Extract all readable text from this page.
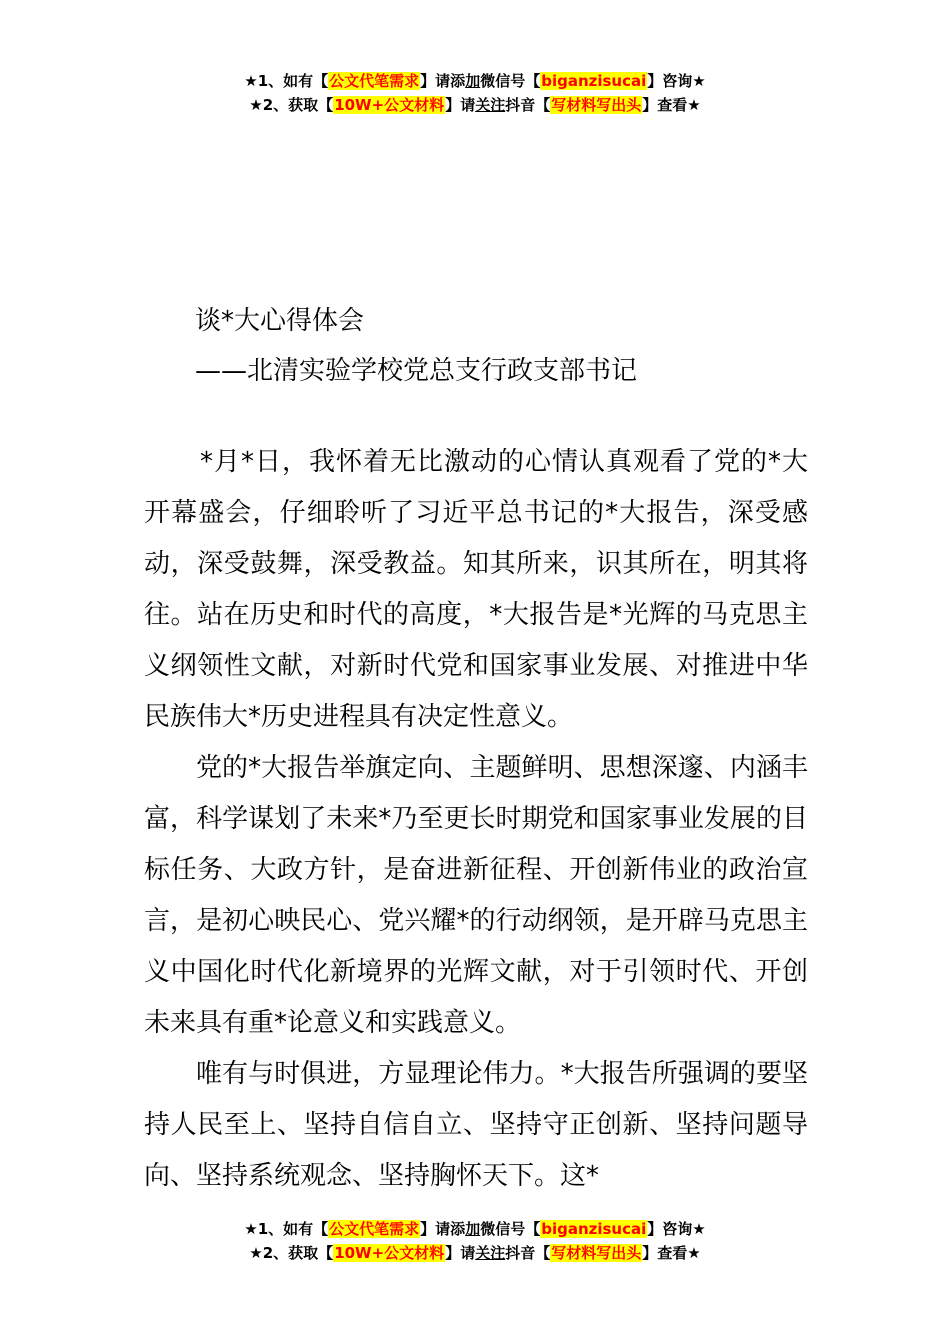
★1、如有【公文代笔需求】请添加微信号【biganzisucai】咨询★
★2、获取【10W+公文材料】请关注抖音【写材料写出头】查看★
谈*大心得体会
——北清实验学校党总支行政支部书记

*月*日，我怀着无比激动的心情认真观看了党的*大开幕盛会，仔细聆听了习近平总书记的*大报告，深受感动，深受鼓舞，深受教益。知其所来，识其所在，明其将往。站在历史和时代的高度，*大报告是*光辉的马克思主义纲领性文献，对新时代党和国家事业发展、对推进中华民族伟大*历史进程具有决定性意义。

党的*大报告举旗定向、主题鲜明、思想深邃、内涵丰富，科学谋划了未来*乃至更长时期党和国家事业发展的目标任务、大政方针，是奋进新征程、开创新伟业的政治宣言，是初心映民心、党兴耀*的行动纲领，是开辟马克思主义中国化时代化新境界的光辉文献，对于引领时代、开创未来具有重*论意义和实践意义。

唯有与时俱进，方显理论伟力。*大报告所强调的要坚持人民至上、坚持自信自立、坚持守正创新、坚持问题导向、坚持系统观念、坚持胸怀天下。这*

★1、如有【公文代笔需求】请添加微信号【biganzisucai】咨询★
★2、获取【10W+公文材料】请关注抖音【写材料写出头】查看★
